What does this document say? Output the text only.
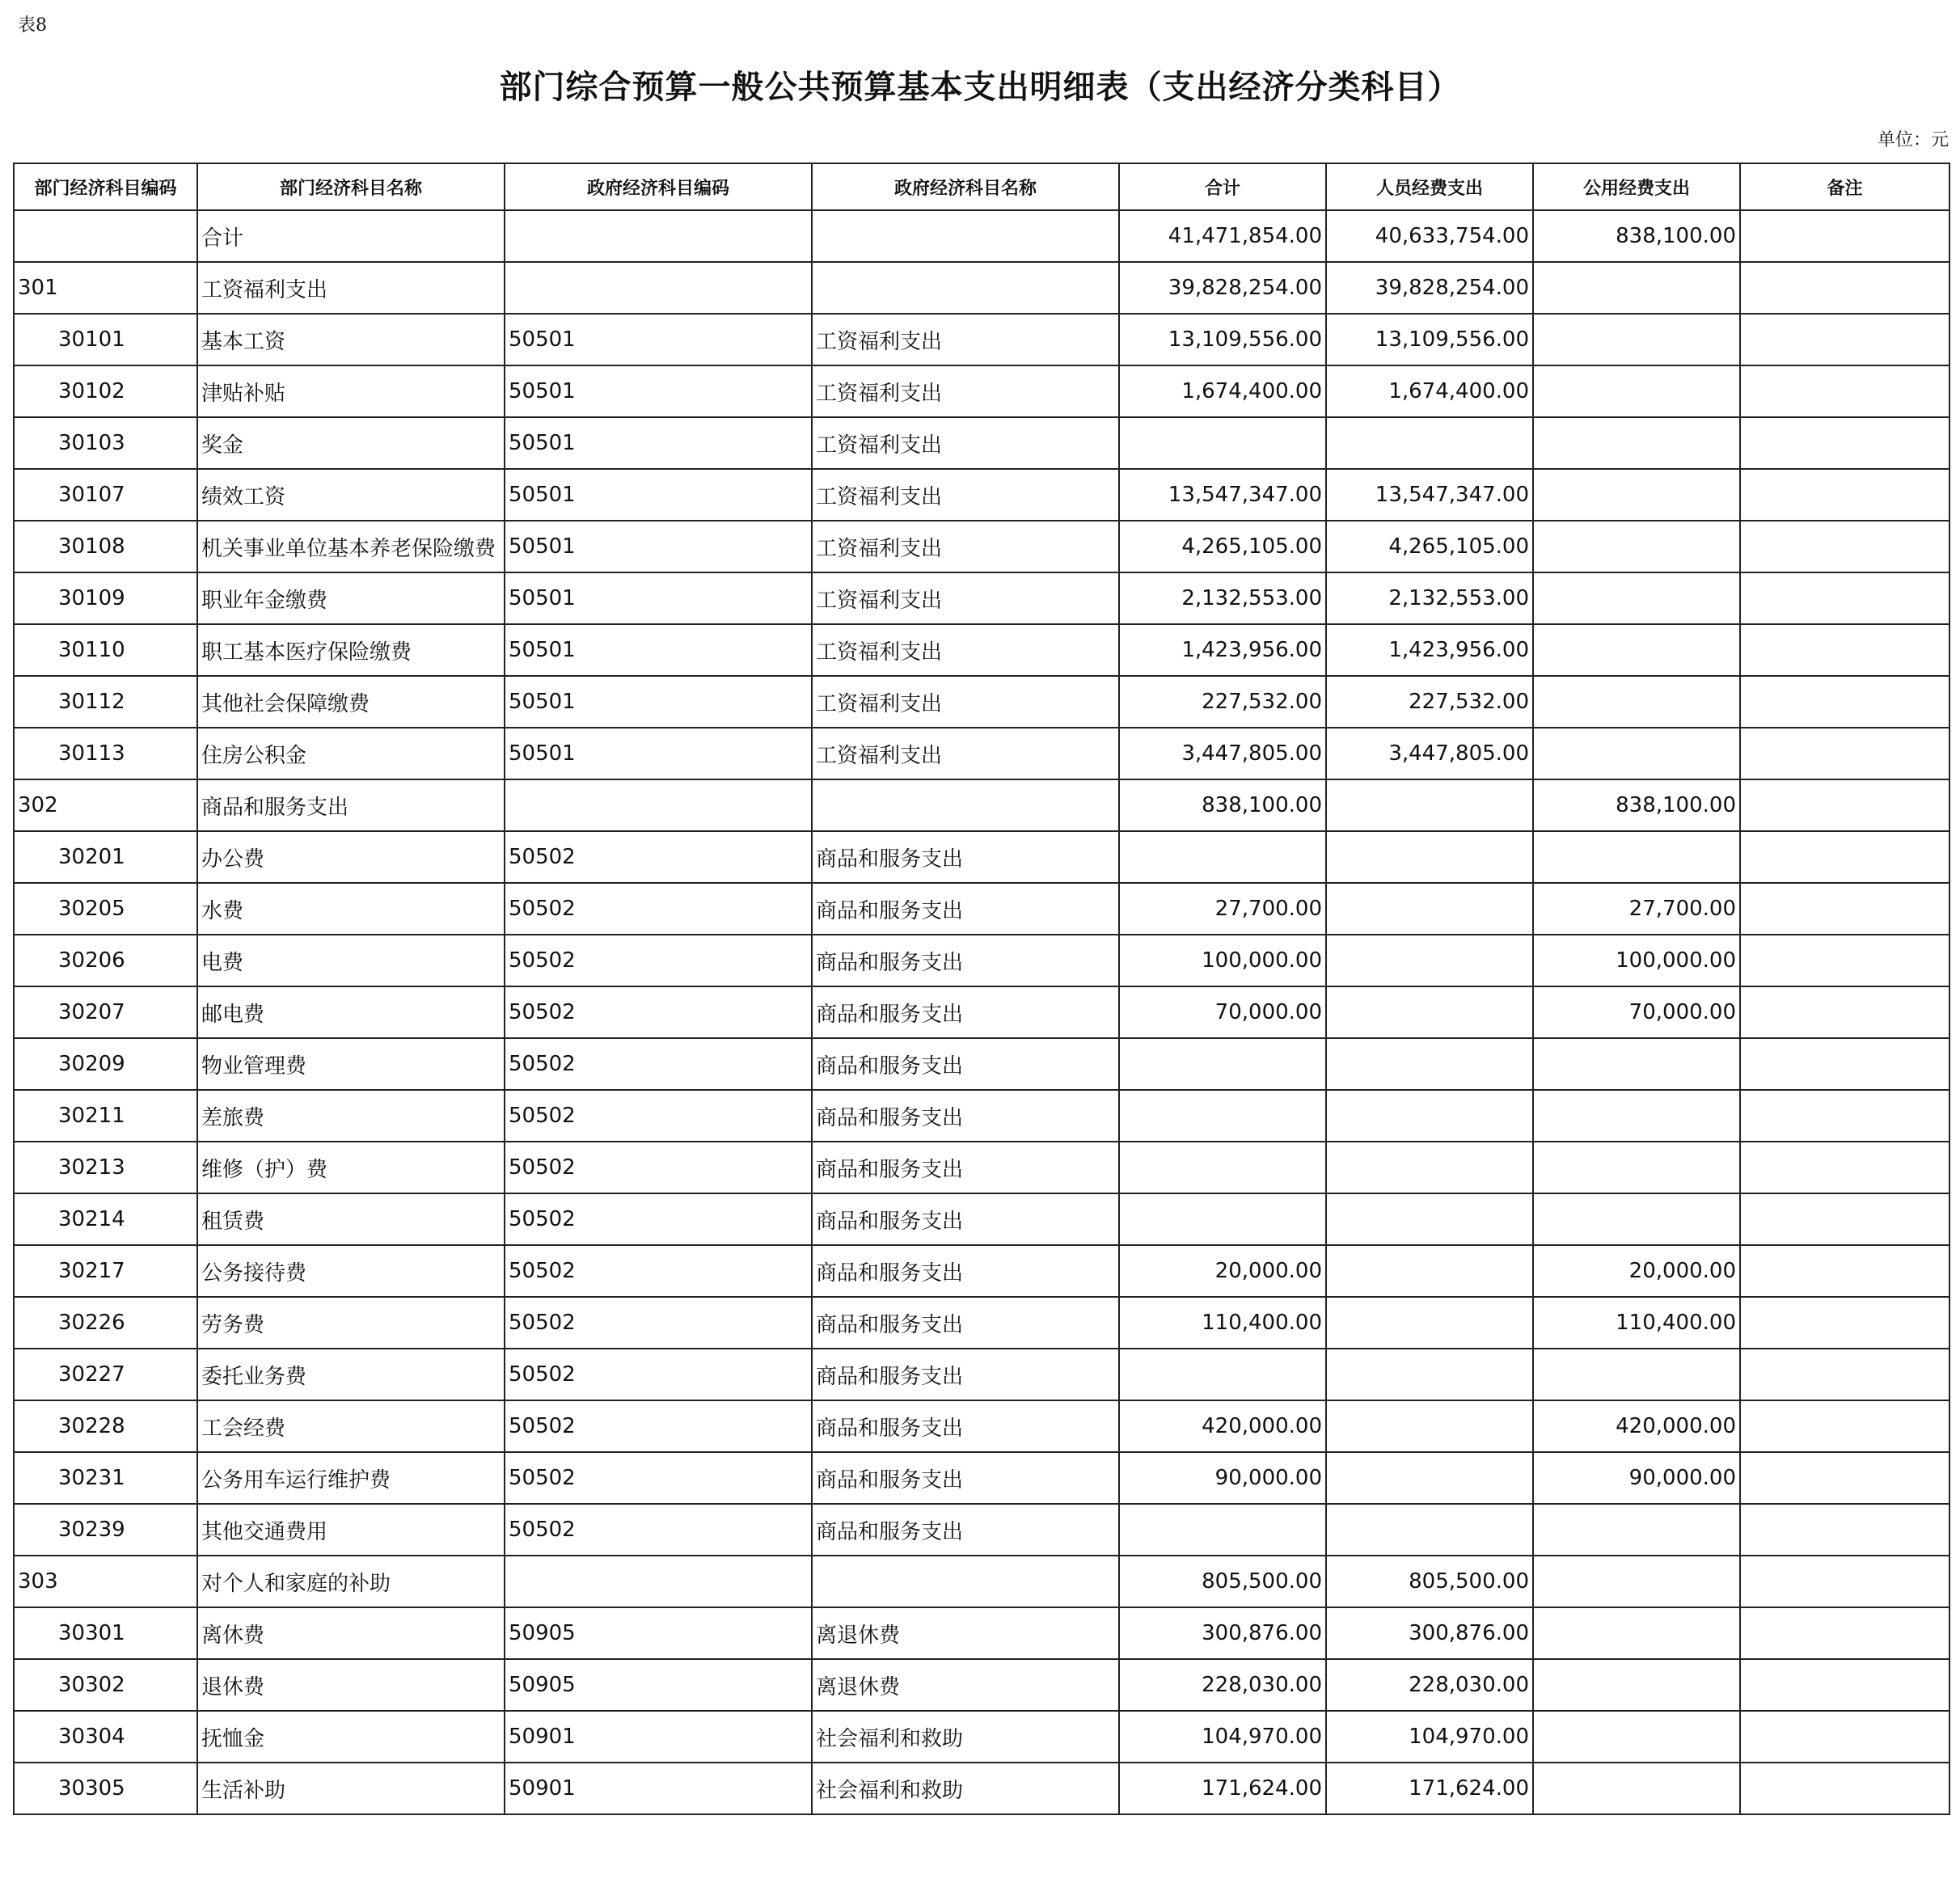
表8
部门综合预算一般公共预算基本支出明细表（支出经济分类科目）
单位：元
部门经济科目编码	部门经济科目名称	政府经济科目编码	政府经济科目名称	合计	人员经费支出	公用经费支出	备注
	合计			41,471,854.00	40,633,754.00	838,100.00	
301	工资福利支出			39,828,254.00	39,828,254.00		
30101	基本工资	50501	工资福利支出	13,109,556.00	13,109,556.00		
30102	津贴补贴	50501	工资福利支出	1,674,400.00	1,674,400.00		
30103	奖金	50501	工资福利支出				
30107	绩效工资	50501	工资福利支出	13,547,347.00	13,547,347.00		
30108	机关事业单位基本养老保险缴费	50501	工资福利支出	4,265,105.00	4,265,105.00		
30109	职业年金缴费	50501	工资福利支出	2,132,553.00	2,132,553.00		
30110	职工基本医疗保险缴费	50501	工资福利支出	1,423,956.00	1,423,956.00		
30112	其他社会保障缴费	50501	工资福利支出	227,532.00	227,532.00		
30113	住房公积金	50501	工资福利支出	3,447,805.00	3,447,805.00		
302	商品和服务支出			838,100.00		838,100.00	
30201	办公费	50502	商品和服务支出				
30205	水费	50502	商品和服务支出	27,700.00		27,700.00	
30206	电费	50502	商品和服务支出	100,000.00		100,000.00	
30207	邮电费	50502	商品和服务支出	70,000.00		70,000.00	
30209	物业管理费	50502	商品和服务支出				
30211	差旅费	50502	商品和服务支出				
30213	维修（护）费	50502	商品和服务支出				
30214	租赁费	50502	商品和服务支出				
30217	公务接待费	50502	商品和服务支出	20,000.00		20,000.00	
30226	劳务费	50502	商品和服务支出	110,400.00		110,400.00	
30227	委托业务费	50502	商品和服务支出				
30228	工会经费	50502	商品和服务支出	420,000.00		420,000.00	
30231	公务用车运行维护费	50502	商品和服务支出	90,000.00		90,000.00	
30239	其他交通费用	50502	商品和服务支出				
303	对个人和家庭的补助			805,500.00	805,500.00		
30301	离休费	50905	离退休费	300,876.00	300,876.00		
30302	退休费	50905	离退休费	228,030.00	228,030.00		
30304	抚恤金	50901	社会福利和救助	104,970.00	104,970.00		
30305	生活补助	50901	社会福利和救助	171,624.00	171,624.00		
